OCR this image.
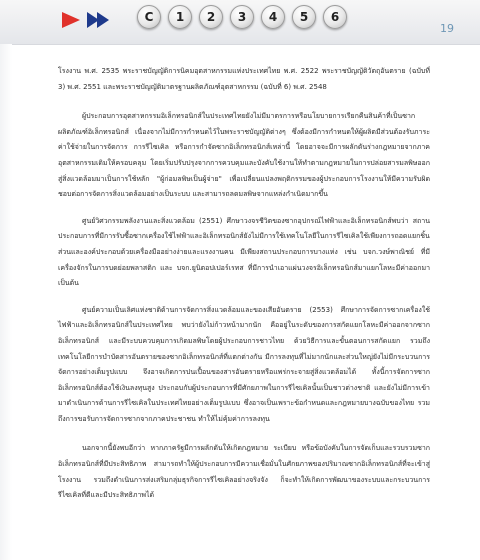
C	1	2	3	4	5	6
19

โรงงาน พ.ศ. 2535 พระราชบัญญัติการนิคมอุตสาหกรรมแห่งประเทศไทย พ.ศ. 2522 พระราชบัญญัติวัตถุอันตราย (ฉบับที่ 3) พ.ศ. 2551 และพระราชบัญญัติมาตรฐานผลิตภัณฑ์อุตสาหกรรม (ฉบับที่ 6) พ.ศ. 2548

ผู้ประกอบการอุตสาหกรรมอิเล็กทรอนิกส์ในประเทศไทยยังไม่มีมาตรการหรือนโยบายการเรียกคืนสินค้าที่เป็นซากผลิตภัณฑ์อิเล็กทรอนิกส์ เนื่องจากไม่มีการกำหนดไว้ในพระราชบัญญัติต่างๆ ซึ่งต้องมีการกำหนดให้ผู้ผลิตมีส่วนต้องรับภาระค่าใช้จ่ายในการจัดการ การรีไซเคิล หรือการกำจัดซากอิเล็กทรอนิกส์เหล่านี้ โดยอาจจะมีการผลักดันร่างกฎหมายจากภาคอุตสาหกรรมเดิมให้ครอบคลุม โดยเริ่มปรับปรุงจากการควบคุมและบังคับใช้งานให้ทำตามกฎหมายในการปล่อยสารมลพิษออกสู่สิ่งแวดล้อมมาเป็นการใช้หลัก "ผู้ก่อมลพิษเป็นผู้จ่าย" เพื่อเปลี่ยนแปลงพฤติกรรมของผู้ประกอบการโรงงานให้มีความรับผิดชอบต่อการจัดการสิ่งแวดล้อมอย่างเป็นระบบ และสามารถลดมลพิษจากแหล่งกำเนิดมากขึ้น

ศูนย์วิศวกรรมพลังงานและสิ่งแวดล้อม (2551) ศึกษาวงจรชีวิตของซากอุปกรณ์ไฟฟ้าและอิเล็กทรอนิกส์พบว่า สถานประกอบการที่มีการรับซื้อซากเครื่องใช้ไฟฟ้าและอิเล็กทรอนิกส์ยังไม่มีการใช้เทคโนโลยีในการรีไซเคิลใช้เพียงการถอดแยกชิ้นส่วนและองค์ประกอบด้วยเครื่องมืออย่างง่ายและแรงงานคน มีเพียงสถานประกอบการบางแห่ง เช่น บจก.วงษ์พาณิชย์ ที่มีเครื่องจักรในการบดย่อยพลาสติก และ บจก.ยูนิตอปเปอร์เรทส ที่มีการนำเอาแผ่นวงจรอิเล็กทรอนิกส์มาแยกโลหะมีค่าออกมา เป็นต้น

ศูนย์ความเป็นเลิศแห่งชาติด้านการจัดการสิ่งแวดล้อมและของเสียอันตราย (2553) ศึกษาการจัดการซากเครื่องใช้ไฟฟ้าและอิเล็กทรอนิกส์ในประเทศไทย พบว่ายังไม่ก้าวหน้ามากนัก คืออยู่ในระดับของการสกัดแยกโลหะมีค่าออกจากซากอิเล็กทรอนิกส์ และมีระบบควบคุมการเกิดมลพิษโดยผู้ประกอบการชาวไทย ด้วยวิธีการและขั้นตอนการสกัดแยก รวมถึงเทคโนโลยีการบำบัดสารอันตรายของซากอิเล็กทรอนิกส์ที่แตกต่างกัน มีการลงทุนที่ไม่มากนักและส่วนใหญ่ยังไม่มีกระบวนการจัดการอย่างเต็มรูปแบบ จึงอาจเกิดการปนเปื้อนของสารอันตรายหรือแพร่กระจายสู่สิ่งแวดล้อมได้ ทั้งนี้การจัดการซากอิเล็กทรอนิกส์ต้องใช้เงินลงทุนสูง ประกอบกับผู้ประกอบการที่มีศักยภาพในการรีไซเคิลนั้นเป็นชาวต่างชาติ และยังไม่มีการเข้ามาดำเนินการด้านการรีไซเคิลในประเทศไทยอย่างเต็มรูปแบบ ซึ่งอาจเป็นเพราะข้อกำหนดและกฎหมายบางฉบับของไทย รวมถึงการขอรับการจัดการซากจากภาคประชาชน ทำให้ไม่คุ้มค่าการลงทุน

นอกจากนี้ยังพบอีกว่า หากภาครัฐมีการผลักดันให้เกิดกฎหมาย ระเบียบ หรือข้อบังคับในการจัดเก็บและรวบรวมซากอิเล็กทรอนิกส์ที่มีประสิทธิภาพ สามารถทำให้ผู้ประกอบการมีความเชื่อมั่นในศักยภาพของปริมาณซากอิเล็กทรอนิกส์ที่จะเข้าสู่โรงงาน รวมถึงดำเนินการส่งเสริมกลุ่มธุรกิจการรีไซเคิลอย่างจริงจัง ก็จะทำให้เกิดการพัฒนาของระบบและกระบวนการรีไซเคิลที่ดีและมีประสิทธิภาพได้
